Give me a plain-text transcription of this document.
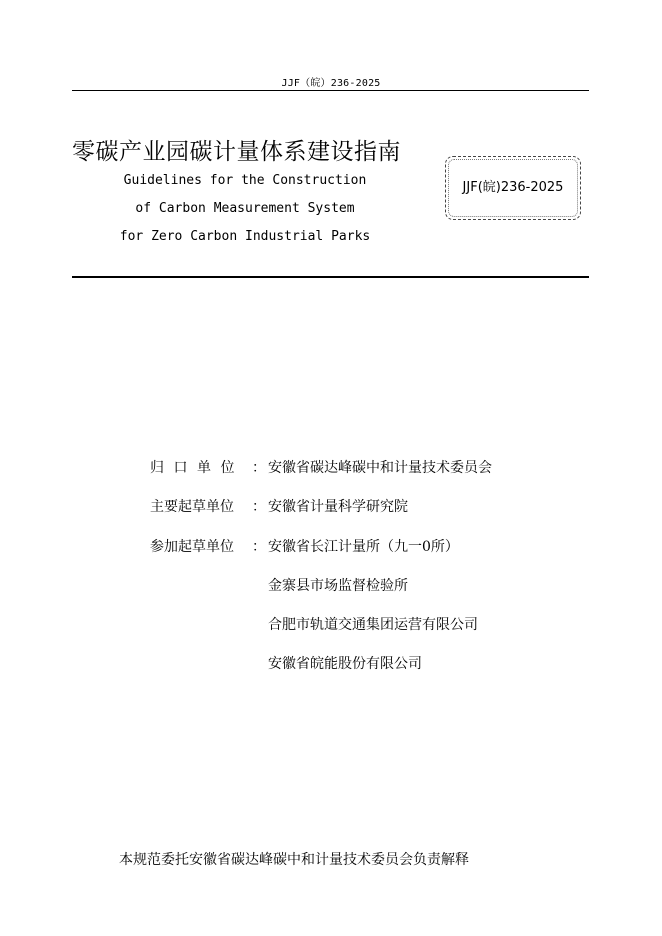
JJF（皖）236-2025
零碳产业园碳计量体系建设指南
Guidelines for the Construction
of Carbon Measurement System
for Zero Carbon Industrial Parks
JJF(皖)236-2025
归口单位 ： 安徽省碳达峰碳中和计量技术委员会
主要起草单位 ： 安徽省计量科学研究院
参加起草单位 ： 安徽省长江计量所（九一0所）
金寨县市场监督检验所
合肥市轨道交通集团运营有限公司
安徽省皖能股份有限公司
本规范委托安徽省碳达峰碳中和计量技术委员会负责解释
